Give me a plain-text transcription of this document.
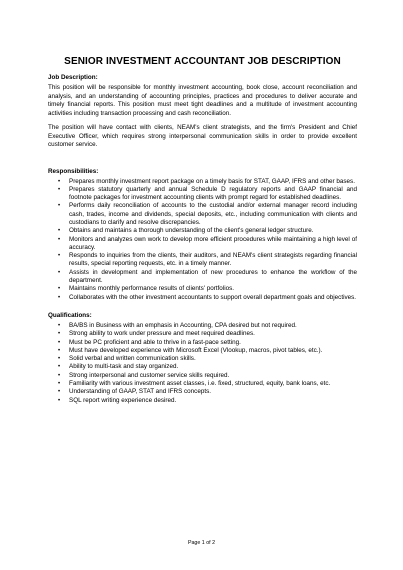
SENIOR INVESTMENT ACCOUNTANT JOB DESCRIPTION
Job Description:

This position will be responsible for monthly investment accounting, book close, account reconciliation and analysis, and an understanding of accounting principles, practices and procedures to deliver accurate and timely financial reports. This position must meet tight deadlines and a multitude of investment accounting activities including transaction processing and cash reconciliation.

The position will have contact with clients, NEAM's client strategists, and the firm's President and Chief Executive Officer, which requires strong interpersonal communication skills in order to provide excellent customer service.

Responsibilities:
• Prepares monthly investment report package on a timely basis for STAT, GAAP, IFRS and other bases.
• Prepares statutory quarterly and annual Schedule D regulatory reports and GAAP financial and footnote packages for investment accounting clients with prompt regard for established deadlines.
• Performs daily reconciliation of accounts to the custodial and/or external manager record including cash, trades, income and dividends, special deposits, etc., including communication with clients and custodians to clarify and resolve discrepancies.
• Obtains and maintains a thorough understanding of the client's general ledger structure.
• Monitors and analyzes own work to develop more efficient procedures while maintaining a high level of accuracy.
• Responds to inquiries from the clients, their auditors, and NEAM's client strategists regarding financial results, special reporting requests, etc. in a timely manner.
• Assists in development and implementation of new procedures to enhance the workflow of the department.
• Maintains monthly performance results of clients' portfolios.
• Collaborates with the other investment accountants to support overall department goals and objectives.
Qualifications:
• BA/BS in Business with an emphasis in Accounting, CPA desired but not required.
• Strong ability to work under pressure and meet required deadlines.
• Must be PC proficient and able to thrive in a fast-pace setting.
• Must have developed experience with Microsoft Excel (Vlookup, macros, pivot tables, etc.).
• Solid verbal and written communication skills.
• Ability to multi-task and stay organized.
• Strong interpersonal and customer service skills required.
• Familiarity with various investment asset classes, i.e. fixed, structured, equity, bank loans, etc.
• Understanding of GAAP, STAT and IFRS concepts.
• SQL report writing experience desired.
Page 1 of 2
